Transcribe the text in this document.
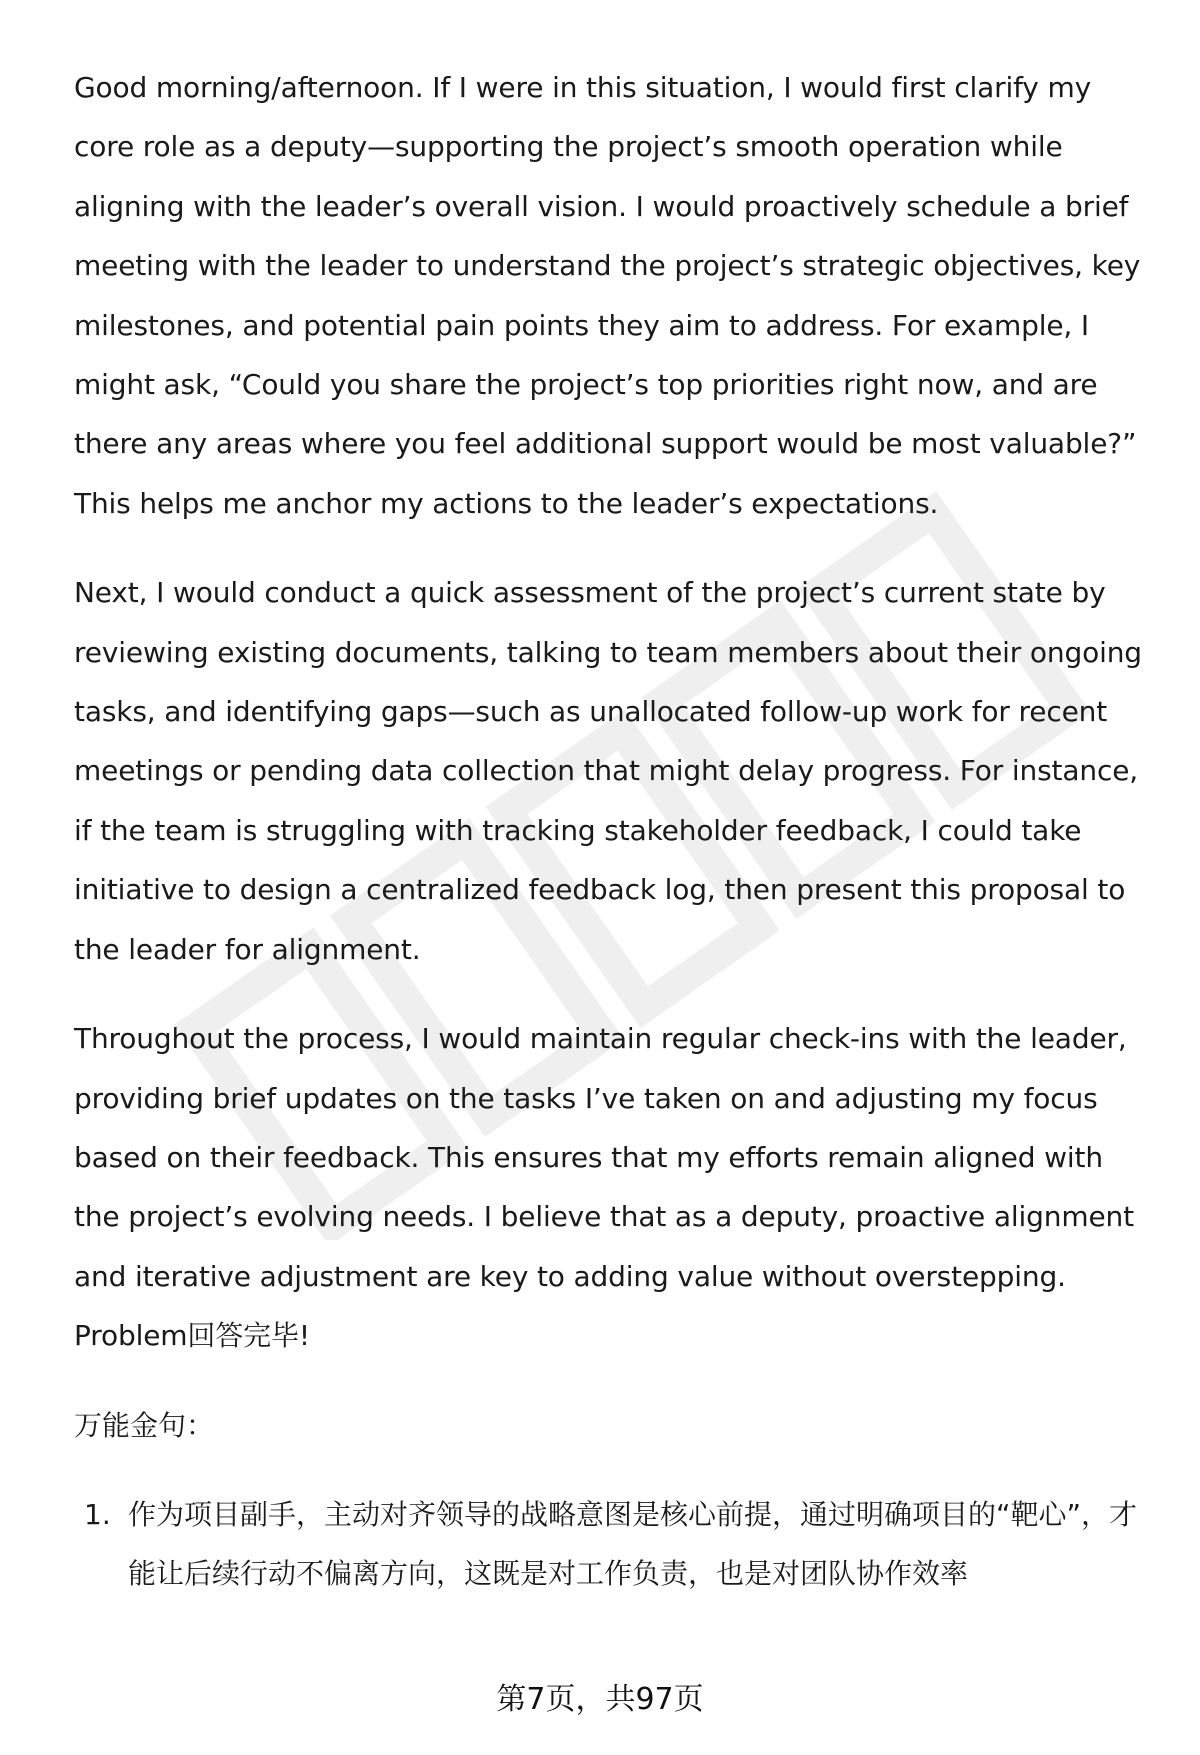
Good morning/afternoon. If I were in this situation, I would first clarify my core role as a deputy—supporting the project’s smooth operation while aligning with the leader’s overall vision. I would proactively schedule a brief meeting with the leader to understand the project’s strategic objectives, key milestones, and potential pain points they aim to address. For example, I might ask, “Could you share the project’s top priorities right now, and are there any areas where you feel additional support would be most valuable?” This helps me anchor my actions to the leader’s expectations.

Next, I would conduct a quick assessment of the project’s current state by reviewing existing documents, talking to team members about their ongoing tasks, and identifying gaps—such as unallocated follow-up work for recent meetings or pending data collection that might delay progress. For instance, if the team is struggling with tracking stakeholder feedback, I could take initiative to design a centralized feedback log, then present this proposal to the leader for alignment.

Throughout the process, I would maintain regular check-ins with the leader, providing brief updates on the tasks I’ve taken on and adjusting my focus based on their feedback. This ensures that my efforts remain aligned with the project’s evolving needs. I believe that as a deputy, proactive alignment and iterative adjustment are key to adding value without overstepping. Problem回答完毕!

万能金句：

1. 作为项目副手，主动对齐领导的战略意图是核心前提，通过明确项目的“靶心”，才能让后续行动不偏离方向，这既是对工作负责，也是对团队协作效率
第7页，共97页
